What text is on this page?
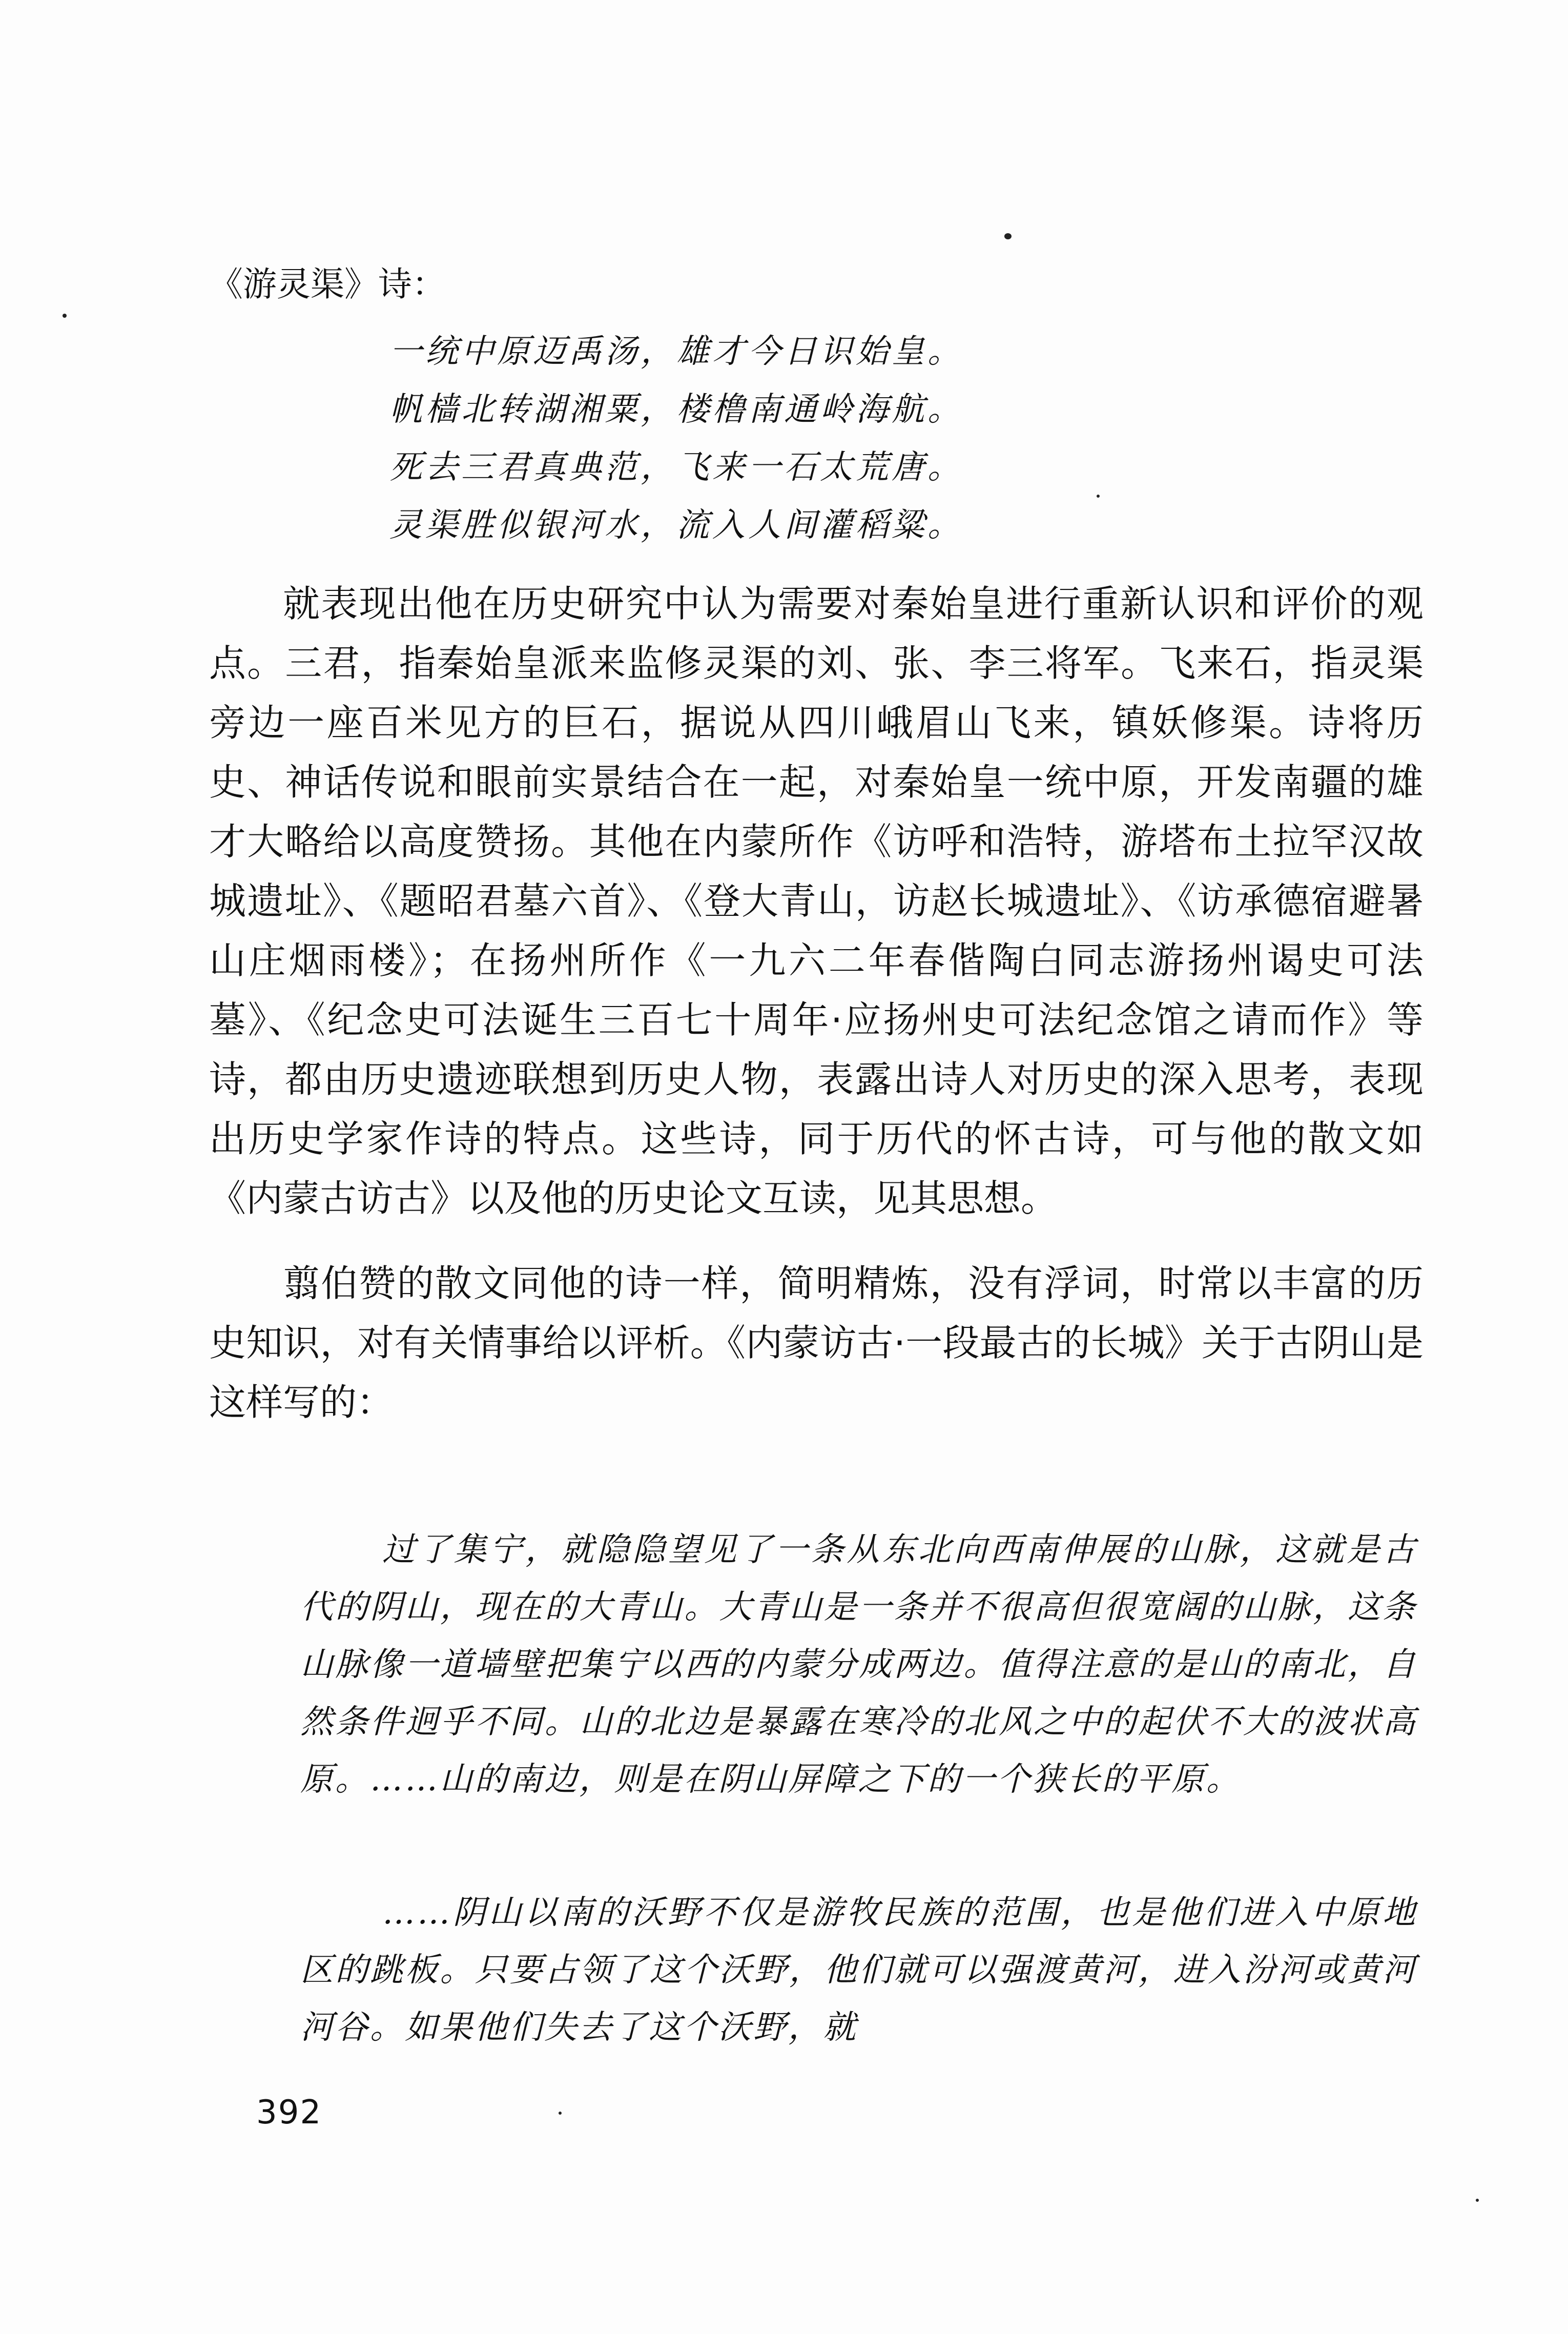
《游灵渠》诗：
一统中原迈禹汤，雄才今日识始皇。
帆樯北转湖湘粟，楼橹南通岭海航。
死去三君真典范，飞来一石太荒唐。
灵渠胜似银河水，流入人间灌稻粱。

就表现出他在历史研究中认为需要对秦始皇进行重新认识和评价的观点。三君，指秦始皇派来监修灵渠的刘、张、李三将军。飞来石，指灵渠旁边一座百米见方的巨石，据说从四川峨眉山飞来，镇妖修渠。诗将历史、神话传说和眼前实景结合在一起，对秦始皇一统中原，开发南疆的雄才大略给以高度赞扬。其他在内蒙所作《访呼和浩特，游塔布土拉罕汉故城遗址》、《题昭君墓六首》、《登大青山，访赵长城遗址》、《访承德宿避暑山庄烟雨楼》；在扬州所作《一九六二年春偕陶白同志游扬州谒史可法墓》、《纪念史可法诞生三百七十周年·应扬州史可法纪念馆之请而作》等诗，都由历史遗迹联想到历史人物，表露出诗人对历史的深入思考，表现出历史学家作诗的特点。这些诗，同于历代的怀古诗，可与他的散文如《内蒙古访古》以及他的历史论文互读，见其思想。

翦伯赞的散文同他的诗一样，简明精炼，没有浮词，时常以丰富的历史知识，对有关情事给以评析。《内蒙访古·一段最古的长城》关于古阴山是这样写的：

过了集宁，就隐隐望见了一条从东北向西南伸展的山脉，这就是古代的阴山，现在的大青山。大青山是一条并不很高但很宽阔的山脉，这条山脉像一道墙壁把集宁以西的内蒙分成两边。值得注意的是山的南北，自然条件迥乎不同。山的北边是暴露在寒冷的北风之中的起伏不大的波状高原。……山的南边，则是在阴山屏障之下的一个狭长的平原。

……阴山以南的沃野不仅是游牧民族的范围，也是他们进入中原地区的跳板。只要占领了这个沃野，他们就可以强渡黄河，进入汾河或黄河河谷。如果他们失去了这个沃野，就

392
